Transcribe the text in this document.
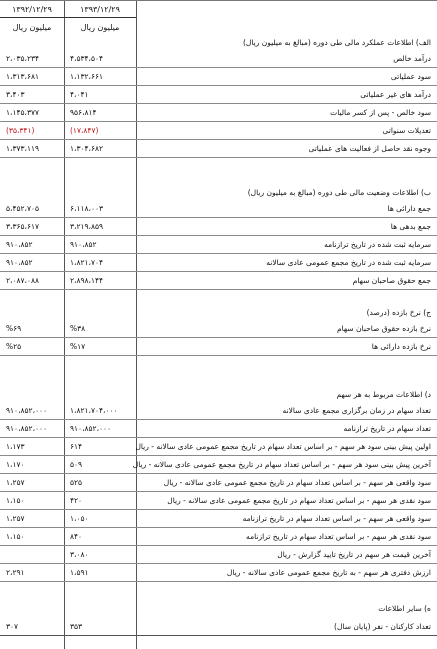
۱۳۹۲/۱۲/۲۹
میلیون ریال
۱۳۹۳/۱۲/۲۹
میلیون ریال
الف) اطلاعات عملکرد مالی طی دوره (مبالغ به میلیون ریال)
درآمد خالص
۴،۵۳۴،۵۰۴
۲،۰۳۵،۲۳۴
سود عملیاتی
۱،۱۳۲،۶۶۱
۱،۳۱۳،۶۸۱
درآمد های غیر عملیاتی
۴،۰۴۱
۳،۴۰۳
سود خالص - پس از کسر مالیات
۹۵۶،۸۱۴
۱،۱۴۵،۳۷۷
تعدیلات سنواتی
(۱۷،۸۴۷)
(۳۵،۳۴۱)
وجوه نقد حاصل از فعالیت های عملیاتی
۱،۳۰۴،۶۸۲
۱،۳۷۳،۱۱۹
ب) اطلاعات وضعیت مالی طی دوره (مبالغ به میلیون ریال)
جمع دارائی ها
۶،۱۱۸،۰۰۳
۵،۴۵۲،۷۰۵
جمع بدهی ها
۳،۲۱۹،۸۵۹
۳،۳۶۵،۶۱۷
سرمایه ثبت شده در تاریخ ترازنامه
۹۱۰،۸۵۲
۹۱۰،۸۵۲
سرمایه ثبت شده در تاریخ مجمع عمومی عادی سالانه
۱،۸۲۱،۷۰۴
۹۱۰،۸۵۲
جمع حقوق صاحبان سهام
۲،۸۹۸،۱۴۴
۲،۰۸۷،۰۸۸
ج) نرخ بازده (درصد)
نرخ بازده حقوق صاحبان سهام
%۳۸
%۶۹
نرخ بازده دارائی ها
%۱۷
%۲۵
د) اطلاعات مربوط به هر سهم
تعداد سهام در زمان برگزاری مجمع عادی سالانه
۱،۸۲۱،۷۰۴،۰۰۰
۹۱۰،۸۵۲،۰۰۰
تعداد سهام در تاریخ ترازنامه
۹۱۰،۸۵۲،۰۰۰
۹۱۰،۸۵۲،۰۰۰
اولین پیش بینی سود هر سهم - بر اساس تعداد سهام در تاریخ مجمع عمومی عادی سالانه - ریال
۶۱۴
۱،۱۷۳
آخرین پیش بینی سود هر سهم - بر اساس تعداد سهام در تاریخ مجمع عمومی عادی سالانه - ریال
۵۰۹
۱،۱۷۰
سود واقعی هر سهم - بر اساس تعداد سهام در تاریخ مجمع عمومی عادی سالانه - ریال
۵۲۵
۱،۲۵۷
سود نقدی هر سهم - بر اساس تعداد سهام در تاریخ مجمع عمومی عادی سالانه - ریال
۴۲۰
۱،۱۵۰
سود واقعی هر سهم - بر اساس تعداد سهام در تاریخ ترازنامه
۱،۰۵۰
۱،۲۵۷
سود نقدی هر سهم - بر اساس تعداد سهام در تاریخ ترازنامه
۸۴۰
۱،۱۵۰
آخرین قیمت هر سهم در تاریخ تایید گزارش - ریال
۳،۰۸۰
ارزش دفتری هر سهم - به تاریخ مجمع عمومی عادی سالانه - ریال
۱،۵۹۱
۲،۲۹۱
ه) سایر اطلاعات
تعداد کارکنان - نفر (پایان سال)
۳۵۳
۳۰۷
